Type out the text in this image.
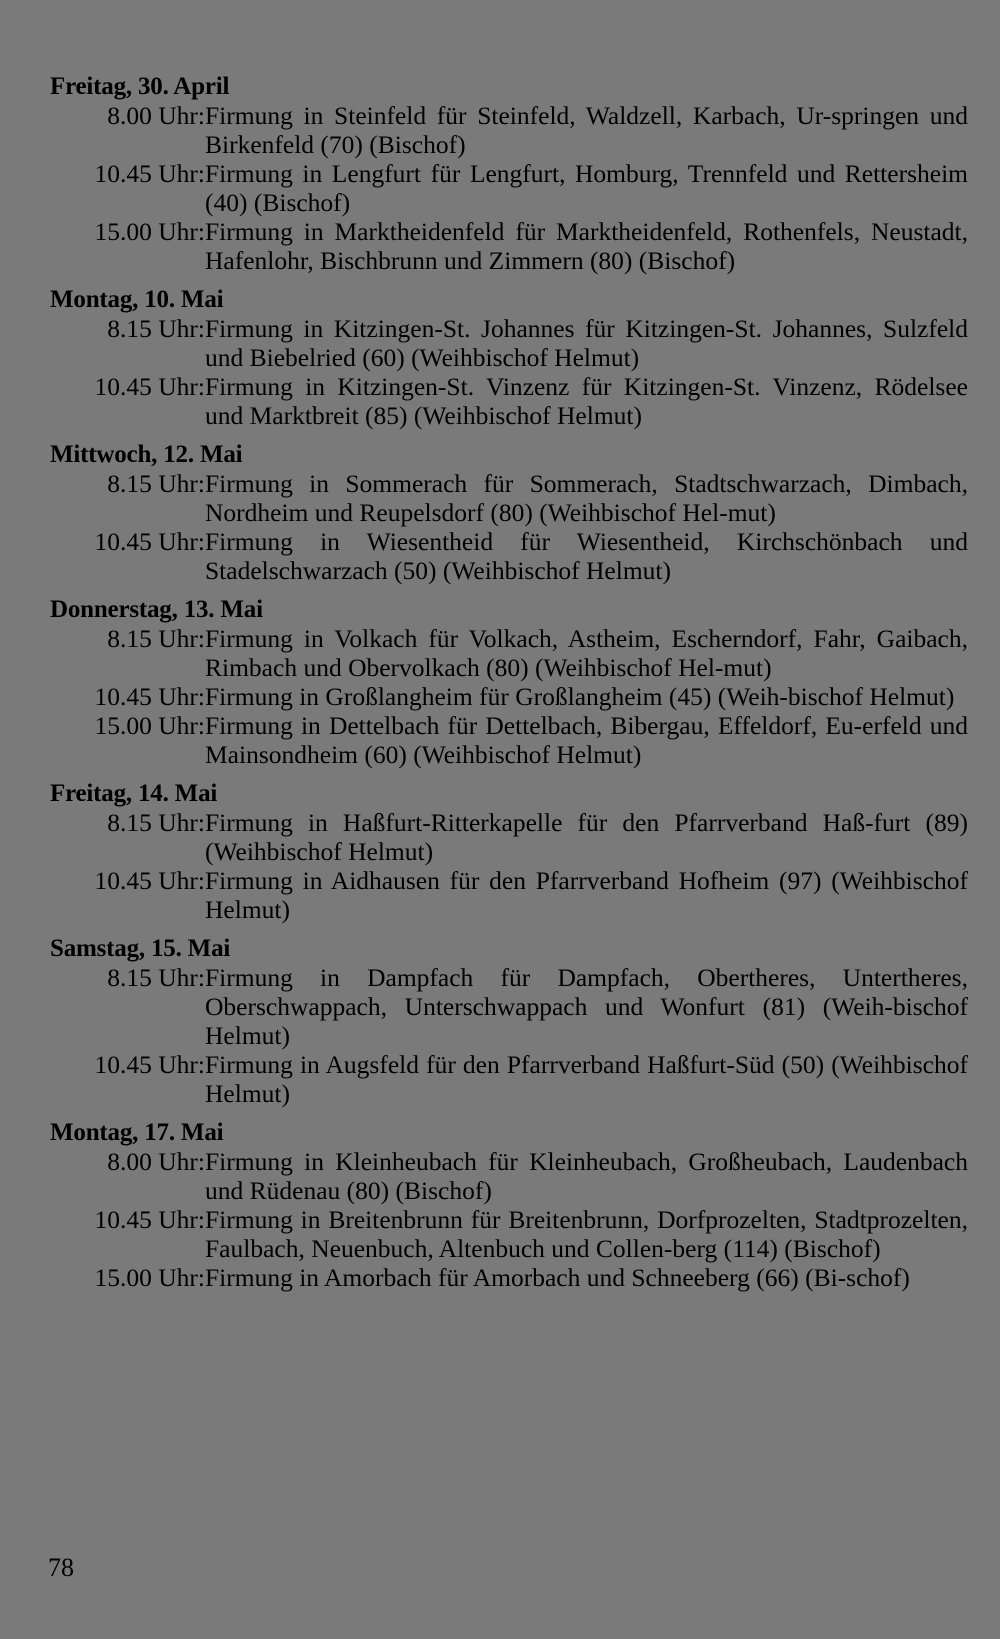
Freitag, 30. April
8.00 Uhr: Firmung in Steinfeld für Steinfeld, Waldzell, Karbach, Ur-springen und Birkenfeld (70) (Bischof)
10.45 Uhr: Firmung in Lengfurt für Lengfurt, Homburg, Trennfeld und Rettersheim (40) (Bischof)
15.00 Uhr: Firmung in Marktheidenfeld für Marktheidenfeld, Rothenfels, Neustadt, Hafenlohr, Bischbrunn und Zimmern (80) (Bischof)
Montag, 10. Mai
8.15 Uhr: Firmung in Kitzingen-St. Johannes für Kitzingen-St. Johannes, Sulzfeld und Biebelried (60) (Weihbischof Helmut)
10.45 Uhr: Firmung in Kitzingen-St. Vinzenz für Kitzingen-St. Vinzenz, Rödelsee und Marktbreit (85) (Weihbischof Helmut)
Mittwoch, 12. Mai
8.15 Uhr: Firmung in Sommerach für Sommerach, Stadtschwarzach, Dimbach, Nordheim und Reupelsdorf (80) (Weihbischof Hel-mut)
10.45 Uhr: Firmung in Wiesentheid für Wiesentheid, Kirchschönbach und Stadelschwarzach (50) (Weihbischof Helmut)
Donnerstag, 13. Mai
8.15 Uhr: Firmung in Volkach für Volkach, Astheim, Escherndorf, Fahr, Gaibach, Rimbach und Obervolkach (80) (Weihbischof Hel-mut)
10.45 Uhr: Firmung in Großlangheim für Großlangheim (45) (Weih-bischof Helmut)
15.00 Uhr: Firmung in Dettelbach für Dettelbach, Bibergau, Effeldorf, Eu-erfeld und Mainsondheim (60) (Weihbischof Helmut)
Freitag, 14. Mai
8.15 Uhr: Firmung in Haßfurt-Ritterkapelle für den Pfarrverband Haß-furt (89) (Weihbischof Helmut)
10.45 Uhr: Firmung in Aidhausen für den Pfarrverband Hofheim (97) (Weihbischof Helmut)
Samstag, 15. Mai
8.15 Uhr: Firmung in Dampfach für Dampfach, Obertheres, Untertheres, Oberschwappach, Unterschwappach und Wonfurt (81) (Weih-bischof Helmut)
10.45 Uhr: Firmung in Augsfeld für den Pfarrverband Haßfurt-Süd (50) (Weihbischof Helmut)
Montag, 17. Mai
8.00 Uhr: Firmung in Kleinheubach für Kleinheubach, Großheubach, Laudenbach und Rüdenau (80) (Bischof)
10.45 Uhr: Firmung in Breitenbrunn für Breitenbrunn, Dorfprozelten, Stadtprozelten, Faulbach, Neuenbuch, Altenbuch und Collen-berg (114) (Bischof)
15.00 Uhr: Firmung in Amorbach für Amorbach und Schneeberg (66) (Bi-schof)
78
